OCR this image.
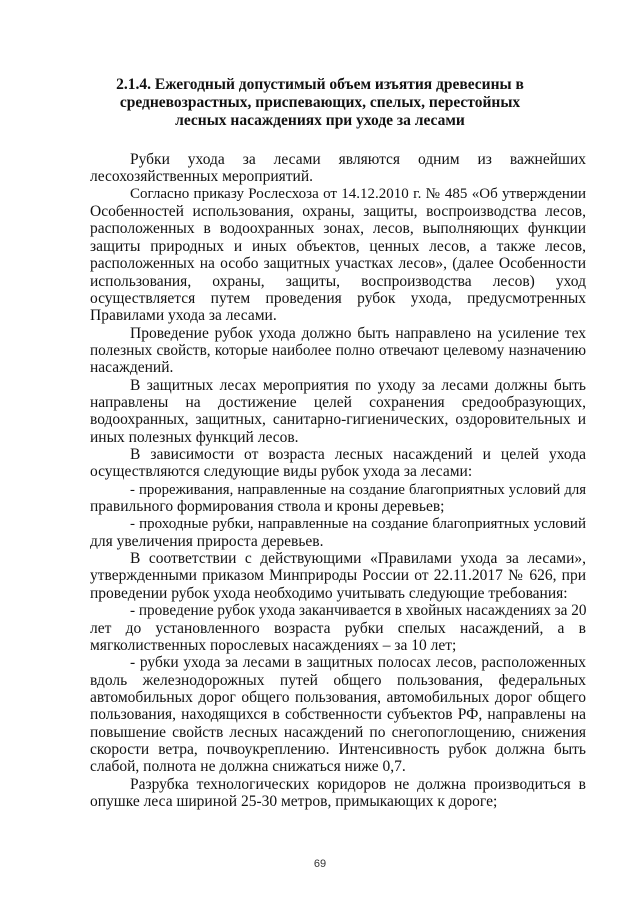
2.1.4. Ежегодный допустимый объем изъятия древесины в
средневозрастных, приспевающих, спелых, перестойных
лесных насаждениях при уходе за лесами
Рубки ухода за лесами являются одним из важнейших
лесохозяйственных мероприятий.
Согласно приказу Рослесхоза от 14.12.2010 г. № 485 «Об утверждении
Особенностей использования, охраны, защиты, воспроизводства лесов,
расположенных в водоохранных зонах, лесов, выполняющих функции
защиты природных и иных объектов, ценных лесов, а также лесов,
расположенных на особо защитных участках лесов», (далее Особенности
использования, охраны, защиты, воспроизводства лесов) уход
осуществляется путем проведения рубок ухода, предусмотренных
Правилами ухода за лесами.
Проведение рубок ухода должно быть направлено на усиление тех
полезных свойств, которые наиболее полно отвечают целевому назначению
насаждений.
В защитных лесах мероприятия по уходу за лесами должны быть
направлены на достижение целей сохранения средообразующих,
водоохранных, защитных, санитарно-гигиенических, оздоровительных и
иных полезных функций лесов.
В зависимости от возраста лесных насаждений и целей ухода
осуществляются следующие виды рубок ухода за лесами:
- прореживания, направленные на создание благоприятных условий для
правильного формирования ствола и кроны деревьев;
- проходные рубки, направленные на создание благоприятных условий
для увеличения прироста деревьев.
В соответствии с действующими «Правилами ухода за лесами»,
утвержденными приказом Минприроды России от 22.11.2017 № 626, при
проведении рубок ухода необходимо учитывать следующие требования:
- проведение рубок ухода заканчивается в хвойных насаждениях за 20
лет до установленного возраста рубки спелых насаждений, а в
мягколиственных порослевых насаждениях – за 10 лет;
- рубки ухода за лесами в защитных полосах лесов, расположенных
вдоль железнодорожных путей общего пользования, федеральных
автомобильных дорог общего пользования, автомобильных дорог общего
пользования, находящихся в собственности субъектов РФ, направлены на
повышение свойств лесных насаждений по снегопоглощению, снижения
скорости ветра, почвоукреплению. Интенсивность рубок должна быть
слабой, полнота не должна снижаться ниже 0,7.
Разрубка технологических коридоров не должна производиться в
опушке леса шириной 25-30 метров, примыкающих к дороге;
69
